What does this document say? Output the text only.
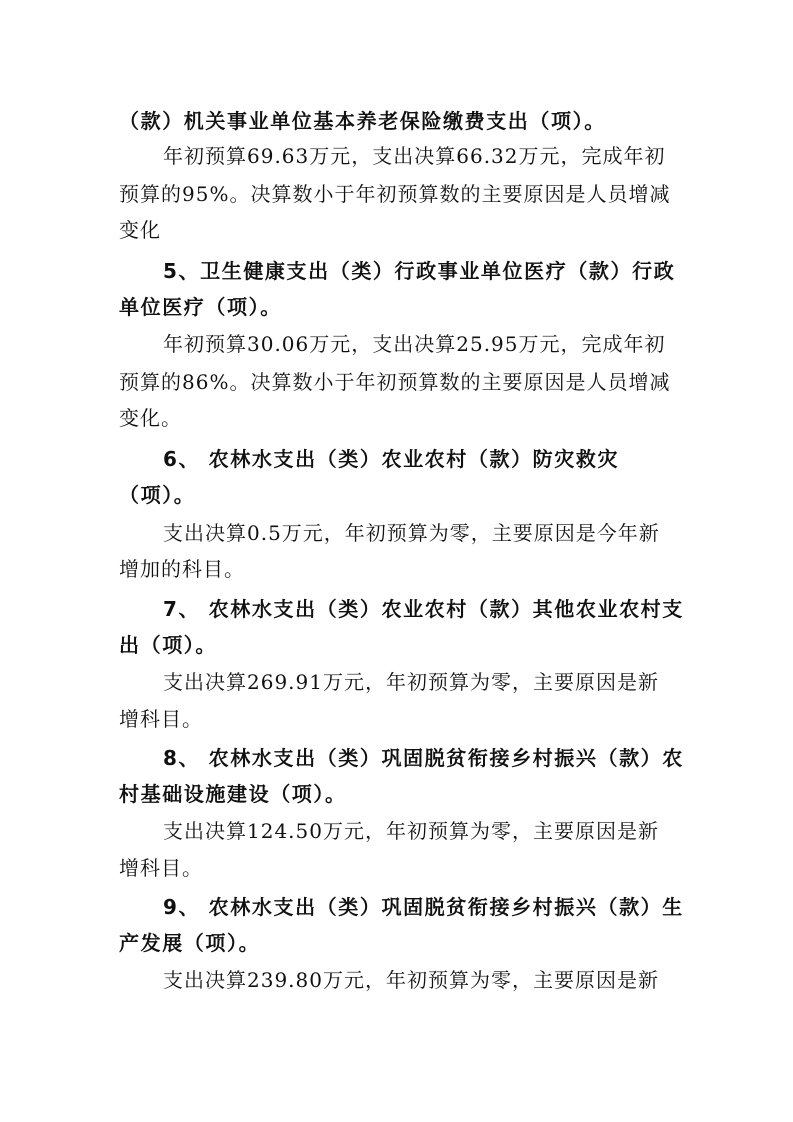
（款）机关事业单位基本养老保险缴费支出（项）。
年初预算69.63万元，支出决算66.32万元，完成年初
预算的95%。决算数小于年初预算数的主要原因是人员增减
变化
5、卫生健康支出（类）行政事业单位医疗（款）行政
单位医疗（项）。
年初预算30.06万元，支出决算25.95万元，完成年初
预算的86%。决算数小于年初预算数的主要原因是人员增减
变化。
6、 农林水支出（类）农业农村（款）防灾救灾
（项）。
支出决算0.5万元，年初预算为零，主要原因是今年新
增加的科目。
7、 农林水支出（类）农业农村（款）其他农业农村支
出（项）。
支出决算269.91万元，年初预算为零，主要原因是新
增科目。
8、 农林水支出（类）巩固脱贫衔接乡村振兴（款）农
村基础设施建设（项）。
支出决算124.50万元，年初预算为零，主要原因是新
增科目。
9、 农林水支出（类）巩固脱贫衔接乡村振兴（款）生
产发展（项）。
支出决算239.80万元，年初预算为零，主要原因是新
